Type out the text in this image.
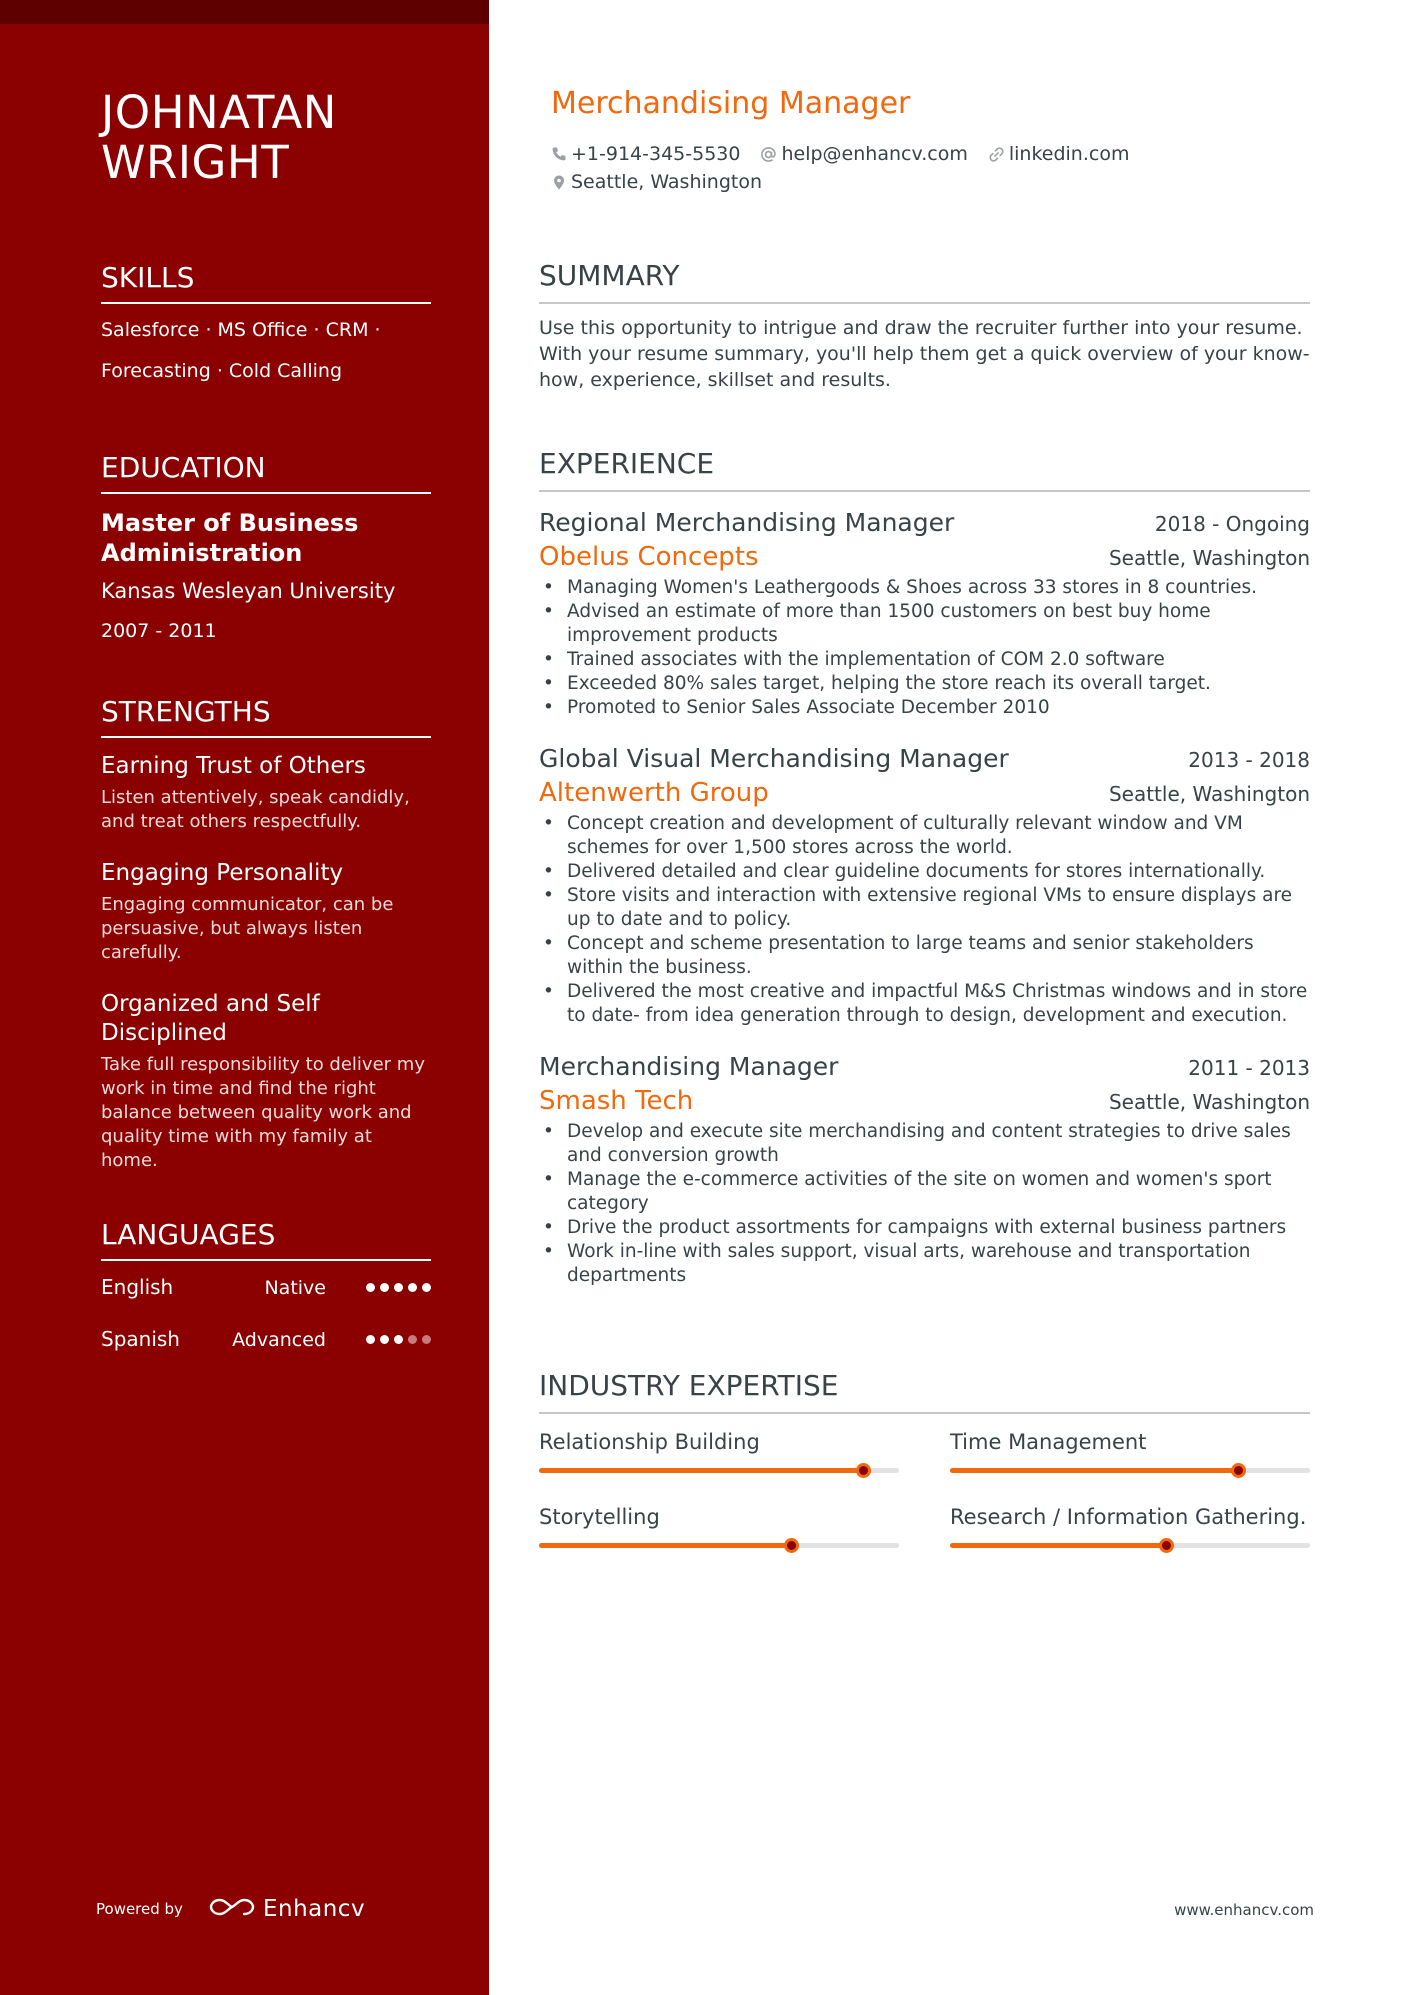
JOHNATAN WRIGHT
SKILLS
Salesforce · MS Office · CRM ·
Forecasting · Cold Calling
EDUCATION
Master of Business Administration
Kansas Wesleyan University
2007 - 2011
STRENGTHS
Earning Trust of Others
Listen attentively, speak candidly, and treat others respectfully.
Engaging Personality
Engaging communicator, can be persuasive, but always listen carefully.
Organized and Self Disciplined
Take full responsibility to deliver my work in time and find the right balance between quality work and quality time with my family at home.
LANGUAGES
English	Native
Spanish	Advanced
Powered by	Enhancv
Merchandising Manager
+1-914-345-5530 help@enhancv.com linkedin.com
Seattle, Washington
SUMMARY

Use this opportunity to intrigue and draw the recruiter further into your resume. With your resume summary, you'll help them get a quick overview of your know-how, experience, skillset and results.

EXPERIENCE
Regional Merchandising Manager	2018 - Ongoing
Obelus Concepts	Seattle, Washington
• Managing Women's Leathergoods & Shoes across 33 stores in 8 countries.
• Advised an estimate of more than 1500 customers on best buy home improvement products
• Trained associates with the implementation of COM 2.0 software
• Exceeded 80% sales target, helping the store reach its overall target.
• Promoted to Senior Sales Associate December 2010
Global Visual Merchandising Manager	2013 - 2018
Altenwerth Group	Seattle, Washington
• Concept creation and development of culturally relevant window and VM schemes for over 1,500 stores across the world.
• Delivered detailed and clear guideline documents for stores internationally.
• Store visits and interaction with extensive regional VMs to ensure displays are up to date and to policy.
• Concept and scheme presentation to large teams and senior stakeholders within the business.
• Delivered the most creative and impactful M&S Christmas windows and in store to date- from idea generation through to design, development and execution.
Merchandising Manager	2011 - 2013
Smash Tech	Seattle, Washington
• Develop and execute site merchandising and content strategies to drive sales and conversion growth
• Manage the e-commerce activities of the site on women and women's sport category
• Drive the product assortments for campaigns with external business partners
• Work in-line with sales support, visual arts, warehouse and transportation departments
INDUSTRY EXPERTISE
Relationship Building	Time Management
Storytelling	Research / Information Gathering.
www.enhancv.com
